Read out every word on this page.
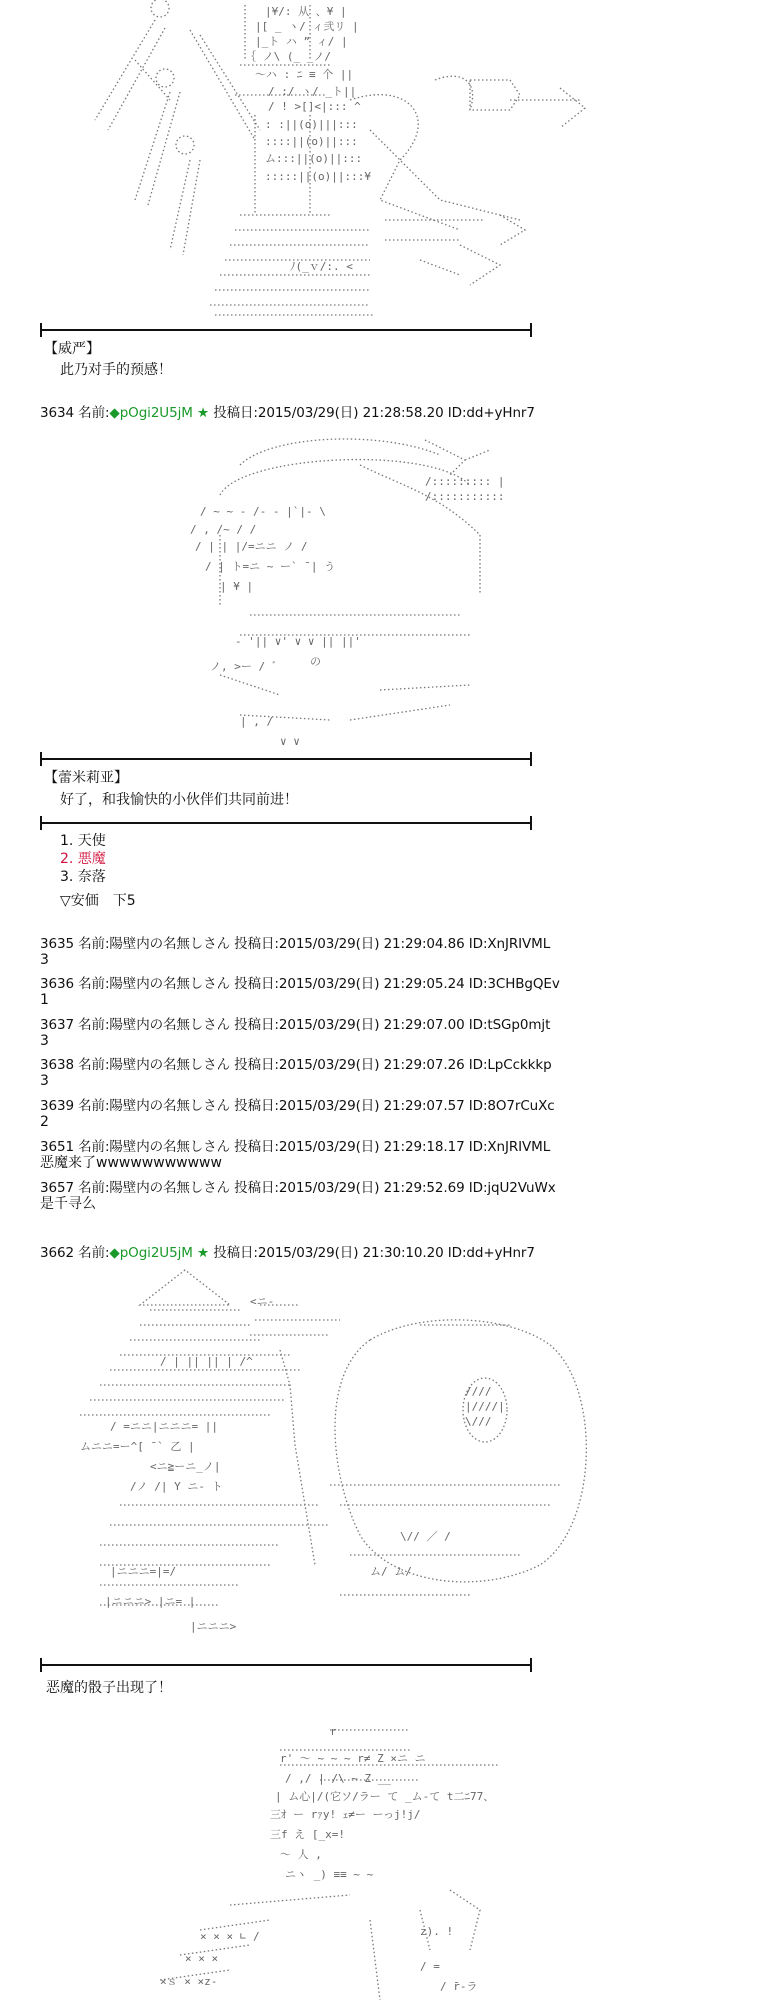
|¥/: 从 、¥ |
|[ _ ヽ/ ィ弐リ |
|_ト ハ ” ィ/ |
｛ ノ\ (_ _ノ/
～ハ : ﾆ ≡ 个 ||
/ :/ ヽ/ _ト||
/ ! >[]<|::: ^
: :||(o)|||:::
::::||(o)||:::
ム:::||(o)||:::
:::::||(o)||:::¥
ﾉ(_ｖ/:. <
【威严】
此乃对手的预感！
3634 名前:◆pOgi2U5jM ★ 投稿日:2015/03/29(日) 21:28:58.20 ID:dd+yHnr7
/::::::::: |
/:::::::::::
/ ~ ~ - /- - |`|- \
/ , /~ / /
/ | | |/=ニニ ノ /
/ | ト=ニ ~ ー` ̄ | う
| ¥ |
- '|| ∨' ∨ ∨ || ||'
の
ノ, >ー / ゛
| , /
∨ ∨
【蕾米莉亚】
好了，和我愉快的小伙伴们共同前进！
1. 天使
2. 悪魔
3. 奈落
▽安価　下5
3635 名前:陽壁内の名無しさん 投稿日:2015/03/29(日) 21:29:04.86 ID:XnJRIVML
3
3636 名前:陽壁内の名無しさん 投稿日:2015/03/29(日) 21:29:05.24 ID:3CHBgQEv
1
3637 名前:陽壁内の名無しさん 投稿日:2015/03/29(日) 21:29:07.00 ID:tSGp0mjt
3
3638 名前:陽壁内の名無しさん 投稿日:2015/03/29(日) 21:29:07.26 ID:LpCckkkp
3
3639 名前:陽壁内の名無しさん 投稿日:2015/03/29(日) 21:29:07.57 ID:8O7rCuXc
2
3651 名前:陽壁内の名無しさん 投稿日:2015/03/29(日) 21:29:18.17 ID:XnJRIVML
恶魔来了wwwwwwwwwww
3657 名前:陽壁内の名無しさん 投稿日:2015/03/29(日) 21:29:52.69 ID:jqU2VuWx
是千寻么
3662 名前:◆pOgi2U5jM ★ 投稿日:2015/03/29(日) 21:30:10.20 ID:dd+yHnr7
<ニ-
/ | || || | /^
/ =ニニ|ニニニ= ||
ムニニ=ー^[ ̄ ` 乙 |
<ニ≧ーニ_ノ|
/ノ /| Y ニ- ト
|ニニニ=|=/
|ニニニ> |ニ= |
|ニニニ>
////
|////|
\///
\// ／ /
ム/ ム/
恶魔的骰子出现了！
r
r' 〜 ~ ~ ~ r≠ Z ×ニ ニ
/ ,/ | /\ ~ Z __
| ム心|/(它ソ/ラー て _ム-て t二ﾆ77、
三ｵ ー rｧy! ｪ≠ー ーっj!j/
三f え [_x=!
〜 人 ,
ニヽ _) ≡≡ ~ ~
× × × ∟ /
× × ×
×ｓ × ×z-
z). !
/ =
/ ̄r-ラ
